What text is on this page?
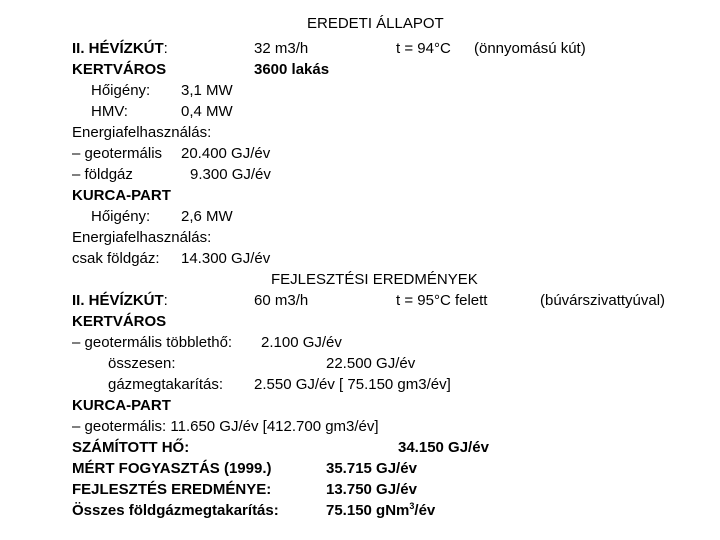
EREDETI ÁLLAPOT
II. HÉVÍZKÚT:	32 m3/h	t = 94°C (önnyomású kút)
KERTVÁROS	3600 lakás
Hőigény: 3,1 MW
HMV:	0,4 MW
Energiafelhasználás:
– geotermális 20.400 GJ/év
– földgáz	9.300 GJ/év
KURCA-PART
Hőigény: 2,6 MW
Energiafelhasználás:
csak földgáz: 14.300 GJ/év
FEJLESZTÉSI EREDMÉNYEK
II. HÉVÍZKÚT:	60 m3/h	t = 95°C felett	(búvárszivattyúval)
KERTVÁROS
– geotermális többlethő: 2.100 GJ/év
összesen:	22.500 GJ/év
gázmegtakarítás: 2.550 GJ/év [ 75.150 gm3/év]
KURCA-PART
– geotermális: 11.650 GJ/év [412.700 gm3/év]
SZÁMÍTOTT HŐ:	34.150 GJ/év
MÉRT FOGYASZTÁS (1999.)	35.715 GJ/év
FEJLESZTÉS EREDMÉNYE:	13.750 GJ/év
Összes földgázmegtakarítás:	75.150 gNm$^3$/év
